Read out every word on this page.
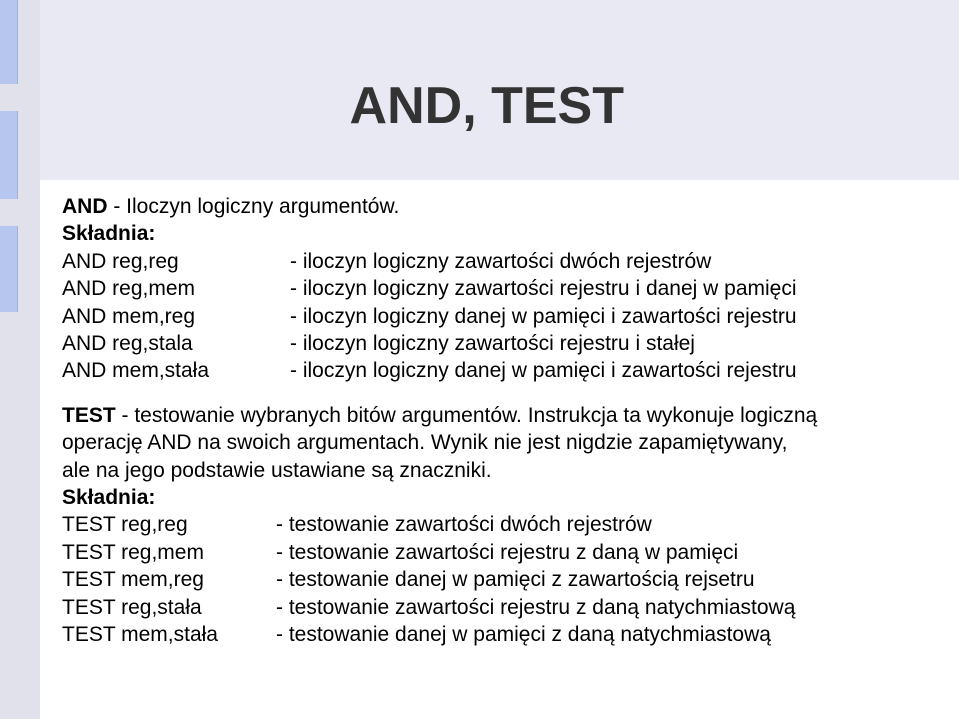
AND, TEST
AND - Iloczyn logiczny argumentów.
Składnia:
AND reg,reg	- iloczyn logiczny zawartości dwóch rejestrów
AND reg,mem	- iloczyn logiczny zawartości rejestru i danej w pamięci
AND mem,reg	- iloczyn logiczny danej w pamięci i zawartości rejestru
AND reg,stala	- iloczyn logiczny zawartości rejestru i stałej
AND mem,stała	- iloczyn logiczny danej w pamięci i zawartości rejestru
TEST - testowanie wybranych bitów argumentów. Instrukcja ta wykonuje logiczną
operację AND na swoich argumentach. Wynik nie jest nigdzie zapamiętywany,
ale na jego podstawie ustawiane są znaczniki.
Składnia:
TEST reg,reg	- testowanie zawartości dwóch rejestrów
TEST reg,mem	- testowanie zawartości rejestru z daną w pamięci
TEST mem,reg	- testowanie danej w pamięci z zawartością rejsetru
TEST reg,stała	- testowanie zawartości rejestru z daną natychmiastową
TEST mem,stała	- testowanie danej w pamięci z daną natychmiastową
